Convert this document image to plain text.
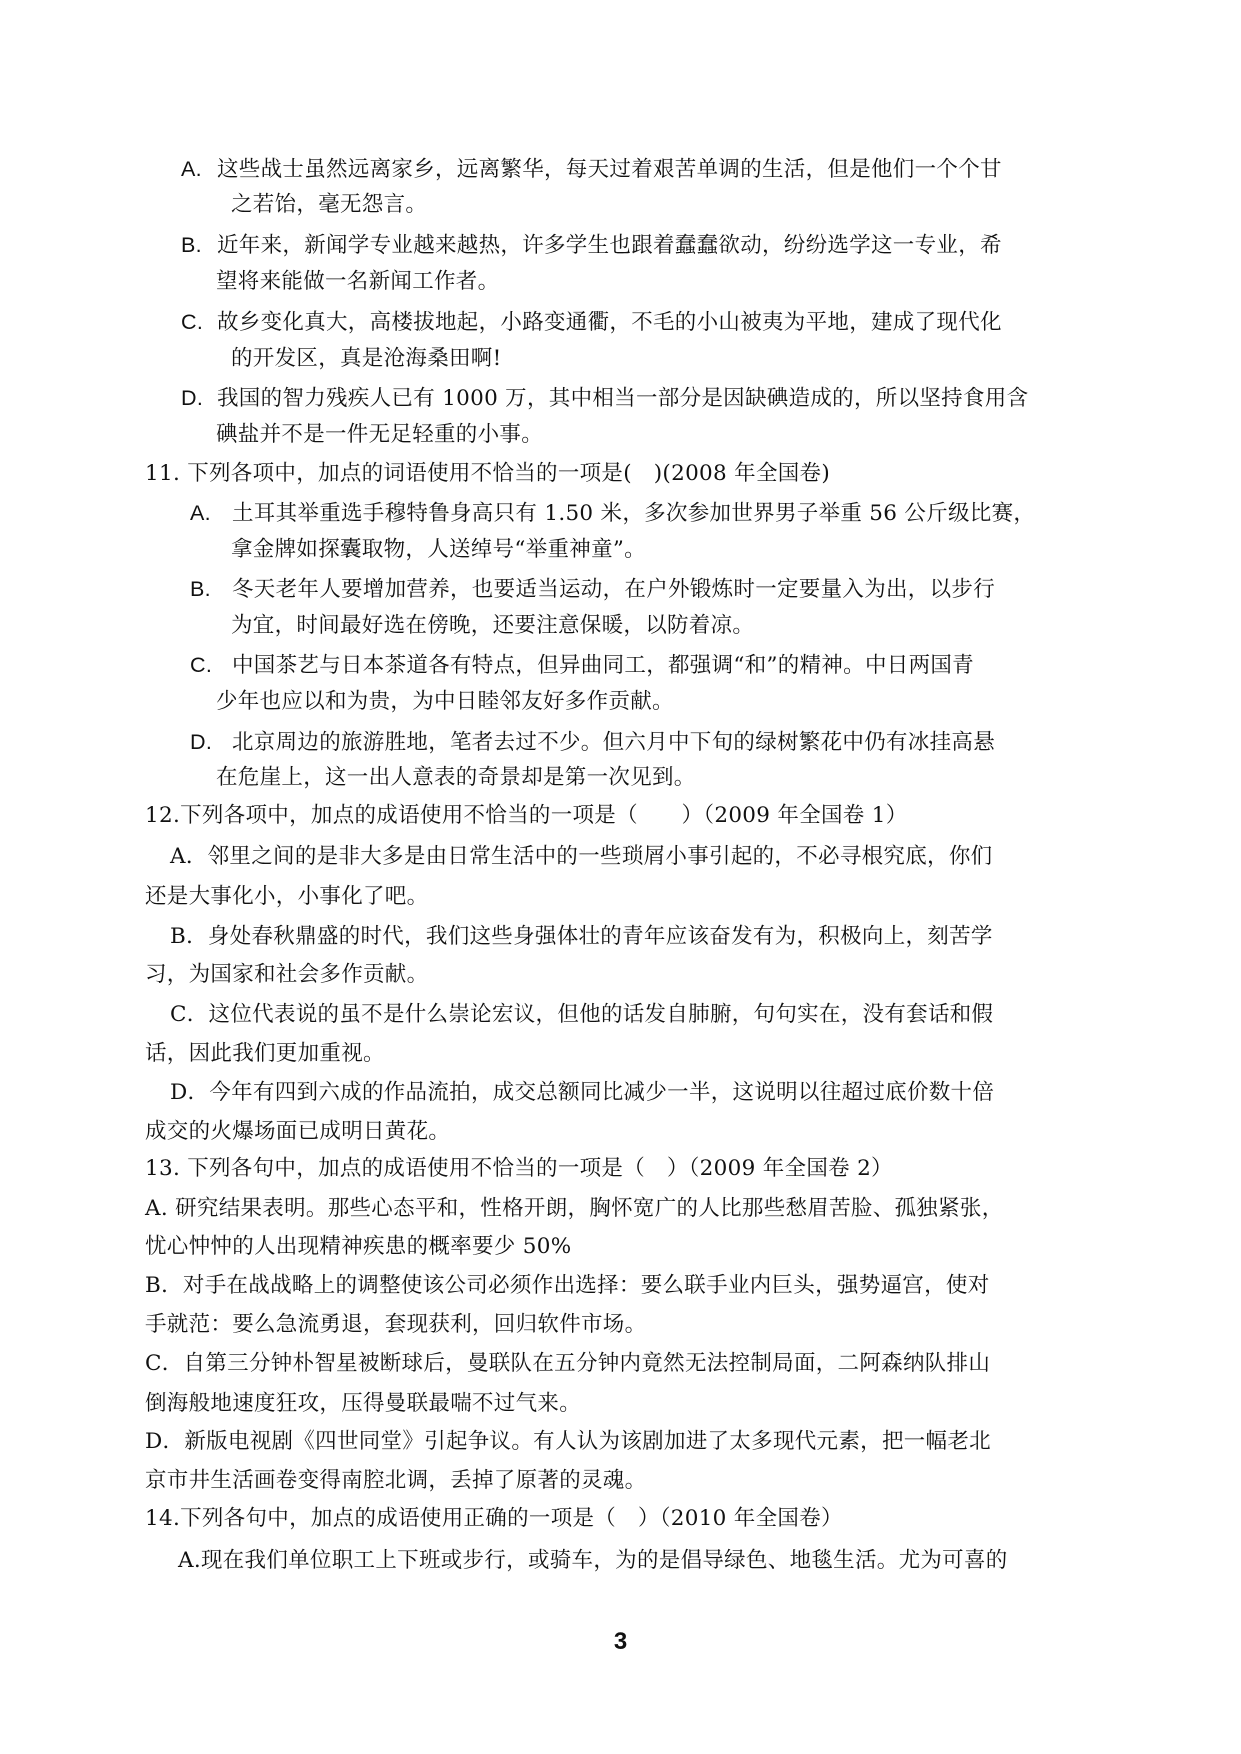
A. 这些战士虽然远离家乡，远离繁华，每天过着艰苦单调的生活，但是他们一个个甘
之若饴，毫无怨言。
B. 近年来，新闻学专业越来越热，许多学生也跟着蠢蠢欲动，纷纷选学这一专业，希
望将来能做一名新闻工作者。
C. 故乡变化真大，高楼拔地起，小路变通衢，不毛的小山被夷为平地，建成了现代化
的开发区，真是沧海桑田啊!
D. 我国的智力残疾人已有 1000 万，其中相当一部分是因缺碘造成的，所以坚持食用含
碘盐并不是一件无足轻重的小事。
11. 下列各项中，加点的词语使用不恰当的一项是(　)(2008 年全国卷)
A. 土耳其举重选手穆特鲁身高只有 1.50 米，多次参加世界男子举重 56 公斤级比赛，
拿金牌如探囊取物，人送绰号“举重神童”。
B. 冬天老年人要增加营养，也要适当运动，在户外锻炼时一定要量入为出，以步行
为宜，时间最好选在傍晚，还要注意保暖，以防着凉。
C. 中国茶艺与日本茶道各有特点，但异曲同工，都强调“和”的精神。中日两国青
少年也应以和为贵，为中日睦邻友好多作贡献。
D. 北京周边的旅游胜地，笔者去过不少。但六月中下旬的绿树繁花中仍有冰挂高悬
在危崖上，这一出人意表的奇景却是第一次见到。
12.下列各项中，加点的成语使用不恰当的一项是（　　）（2009 年全国卷 1）
A．邻里之间的是非大多是由日常生活中的一些琐屑小事引起的，不必寻根究底，你们
还是大事化小，小事化了吧。
B．身处春秋鼎盛的时代，我们这些身强体壮的青年应该奋发有为，积极向上，刻苦学
习，为国家和社会多作贡献。
C．这位代表说的虽不是什么崇论宏议，但他的话发自肺腑，句句实在，没有套话和假
话，因此我们更加重视。
D．今年有四到六成的作品流拍，成交总额同比减少一半，这说明以往超过底价数十倍
成交的火爆场面已成明日黄花。
13. 下列各句中，加点的成语使用不恰当的一项是（　）（2009 年全国卷 2）
A. 研究结果表明。那些心态平和，性格开朗，胸怀宽广的人比那些愁眉苦脸、孤独紧张，
忧心忡忡的人出现精神疾患的概率要少 50%
B．对手在战战略上的调整使该公司必须作出选择：要么联手业内巨头，强势逼宫，使对
手就范：要么急流勇退，套现获利，回归软件市场。
C．自第三分钟朴智星被断球后，曼联队在五分钟内竟然无法控制局面，二阿森纳队排山
倒海般地速度狂攻，压得曼联最喘不过气来。
D．新版电视剧《四世同堂》引起争议。有人认为该剧加进了太多现代元素，把一幅老北
京市井生活画卷变得南腔北调，丢掉了原著的灵魂。
14.下列各句中，加点的成语使用正确的一项是（　）（2010 年全国卷）
A.现在我们单位职工上下班或步行，或骑车，为的是倡导绿色、地毯生活。尤为可喜的
3
